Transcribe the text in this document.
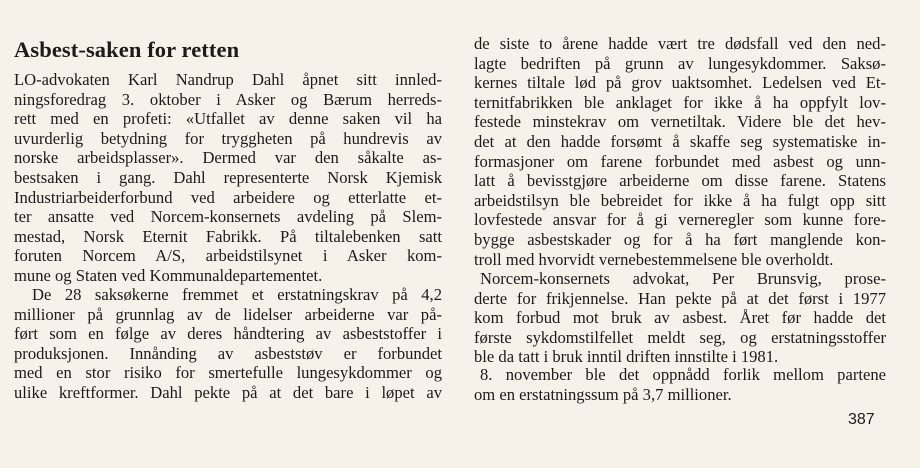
Asbest-saken for retten

LO-advokaten Karl Nandrup Dahl åpnet sitt innled-
ningsforedrag 3. oktober i Asker og Bærum herreds-
rett med en profeti: «Utfallet av denne saken vil ha
uvurderlig betydning for tryggheten på hundrevis av
norske arbeidsplasser». Dermed var den såkalte as-
bestsaken i gang. Dahl representerte Norsk Kjemisk
Industriarbeiderforbund ved arbeidere og etterlatte et-
ter ansatte ved Norcem-konsernets avdeling på Slem-
mestad, Norsk Eternit Fabrikk. På tiltalebenken satt
foruten Norcem A/S, arbeidstilsynet i Asker kom-
mune og Staten ved Kommunaldepartementet.

De 28 saksøkerne fremmet et erstatningskrav på 4,2

millioner på grunnlag av de lidelser arbeiderne var på-
ført som en følge av deres håndtering av asbeststoffer i
produksjonen. Innånding av asbeststøv er forbundet
med en stor risiko for smertefulle lungesykdommer og
ulike kreftformer. Dahl pekte på at det bare i løpet av

de siste to årene hadde vært tre dødsfall ved den ned-
lagte bedriften på grunn av lungesykdommer. Saksø-
kernes tiltale lød på grov uaktsomhet. Ledelsen ved Et-
ternitfabrikken ble anklaget for ikke å ha oppfylt lov-
festede minstekrav om vernetiltak. Videre ble det hev-
det at den hadde forsømt å skaffe seg systematiske in-
formasjoner om farene forbundet med asbest og unn-
latt å bevisstgjøre arbeiderne om disse farene. Statens
arbeidstilsyn ble bebreidet for ikke å ha fulgt opp sitt
lovfestede ansvar for å gi verneregler som kunne fore-
bygge asbestskader og for å ha ført manglende kon-
troll med hvorvidt vernebestemmelsene ble overholdt.

Norcem-konsernets advokat, Per Brunsvig, prose-

derte for frikjennelse. Han pekte på at det først i 1977
kom forbud mot bruk av asbest. Året før hadde det
første sykdomstilfellet meldt seg, og erstatningsstoffer
ble da tatt i bruk inntil driften innstilte i 1981.

8. november ble det oppnådd forlik mellom partene

om en erstatningssum på 3,7 millioner.

387
